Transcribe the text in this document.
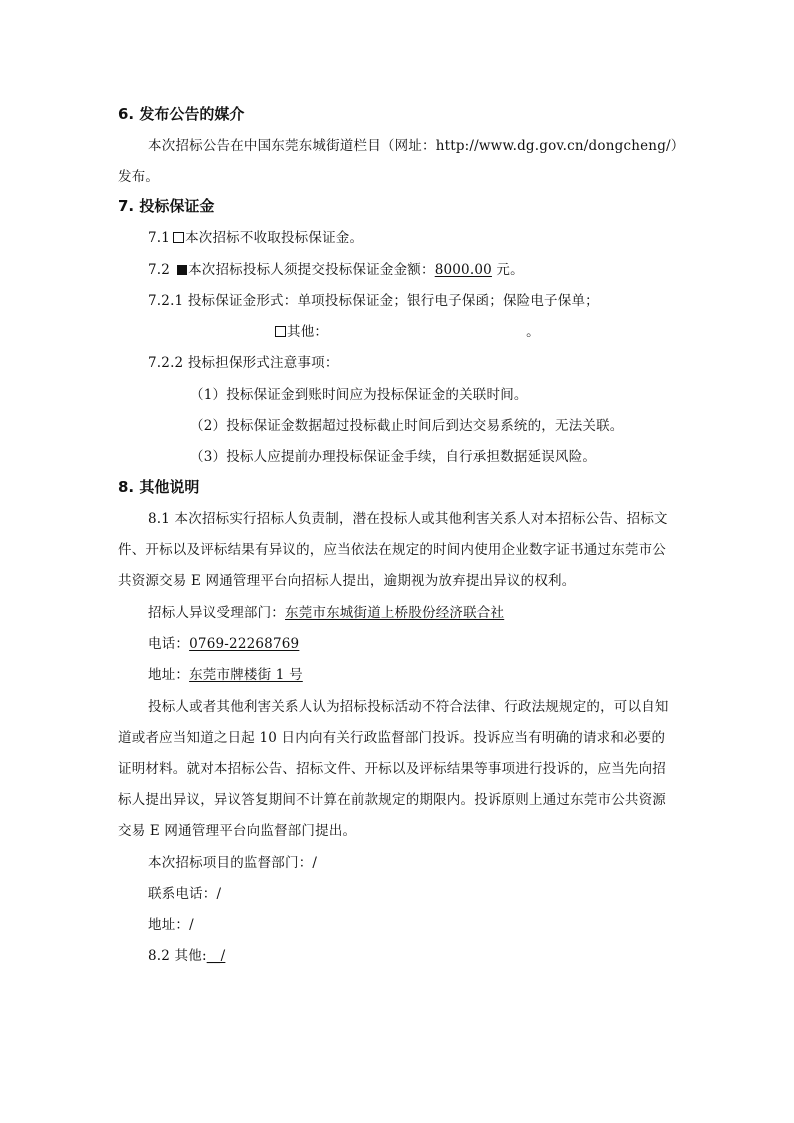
6. 发布公告的媒介
本次招标公告在中国东莞东城街道栏目（网址：http://www.dg.gov.cn/dongcheng/）
发布。
7. 投标保证金
7.1 本次招标不收取投标保证金。
7.2 本次招标投标人须提交投标保证金金额：8000.00 元。
7.2.1 投标保证金形式：单项投标保证金；银行电子保函；保险电子保单；
其他：	。
7.2.2 投标担保形式注意事项：
（1）投标保证金到账时间应为投标保证金的关联时间。
（2）投标保证金数据超过投标截止时间后到达交易系统的，无法关联。
（3）投标人应提前办理投标保证金手续，自行承担数据延误风险。
8. 其他说明
8.1 本次招标实行招标人负责制，潜在投标人或其他利害关系人对本招标公告、招标文
件、开标以及评标结果有异议的，应当依法在规定的时间内使用企业数字证书通过东莞市公
共资源交易 E 网通管理平台向招标人提出，逾期视为放弃提出异议的权利。
招标人异议受理部门：东莞市东城街道上桥股份经济联合社
电话：0769-22268769
地址：东莞市牌楼街 1 号
投标人或者其他利害关系人认为招标投标活动不符合法律、行政法规规定的，可以自知
道或者应当知道之日起 10 日内向有关行政监督部门投诉。投诉应当有明确的请求和必要的
证明材料。就对本招标公告、招标文件、开标以及评标结果等事项进行投诉的，应当先向招
标人提出异议，异议答复期间不计算在前款规定的期限内。投诉原则上通过东莞市公共资源
交易 E 网通管理平台向监督部门提出。
本次招标项目的监督部门：/
联系电话：/
地址：/
8.2 其他:__/
